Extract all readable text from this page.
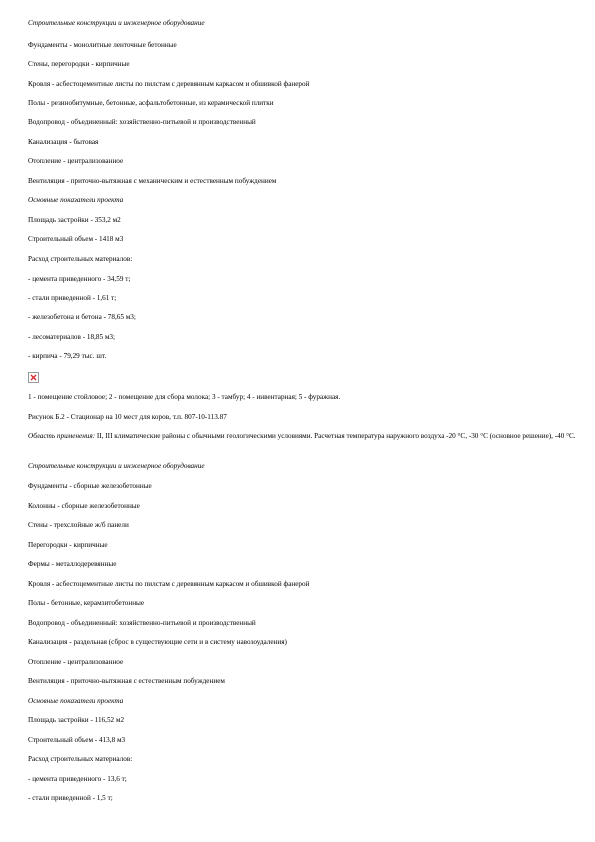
Строительные конструкции и инженерное оборудование
Фундаменты - монолитные ленточные бетонные
Стены, перегородки - кирпичные
Кровля - асбестоцементные листы по пилстам с деревянным каркасом и обшивкой фанерой
Полы - резинобитумные, бетонные, асфальтобетонные, из керамической плитки
Водопровод - объединенный: хозяйственно-питьевой и производственный
Канализация - бытовая
Отопление - централизованное
Вентиляция - приточно-вытяжная с механическим и естественным побуждением
Основные показатели проекта
Площадь застройки - 353,2 м2
Строительный объем - 1418 м3
Расход строительных материалов:
- цемента приведенного - 34,59 т;
- стали приведенной - 1,61 т;
- железобетона и бетона - 78,65 м3;
- лесоматериалов - 18,85 м3;
- кирпича - 79,29 тыс. шт.
1 - помещение стойловое; 2 - помещение для сбора молока; 3 - тамбур; 4 - инвентарная; 5 - фуражная.
Рисунок Б.2 - Стационар на 10 мест для коров, т.п. 807-10-113.87
Область применения: II, III климатические районы с обычными геологическими условиями. Расчетная температура наружного воздуха -20 °С, -30 °С (основное решение), -40 °С.
Строительные конструкции и инженерное оборудование
Фундаменты - сборные железобетонные
Колонны - сборные железобетонные
Стены - трехслойные ж/б панели
Перегородки - кирпичные
Фермы - металлодеревянные
Кровля - асбестоцементные листы по пилстам с деревянным каркасом и обшивкой фанерой
Полы - бетонные, керамзитобетонные
Водопровод - объединенный: хозяйственно-питьевой и производственный
Канализация - раздельная (сброс в существующие сети и в систему навозоудаления)
Отопление - централизованное
Вентиляция - приточно-вытяжная с естественным побуждением
Основные показатели проекта
Площадь застройки - 116,52 м2
Строительный объем - 413,8 м3
Расход строительных материалов:
- цемента приведенного - 13,6 т;
- стали приведенной - 1,5 т;
